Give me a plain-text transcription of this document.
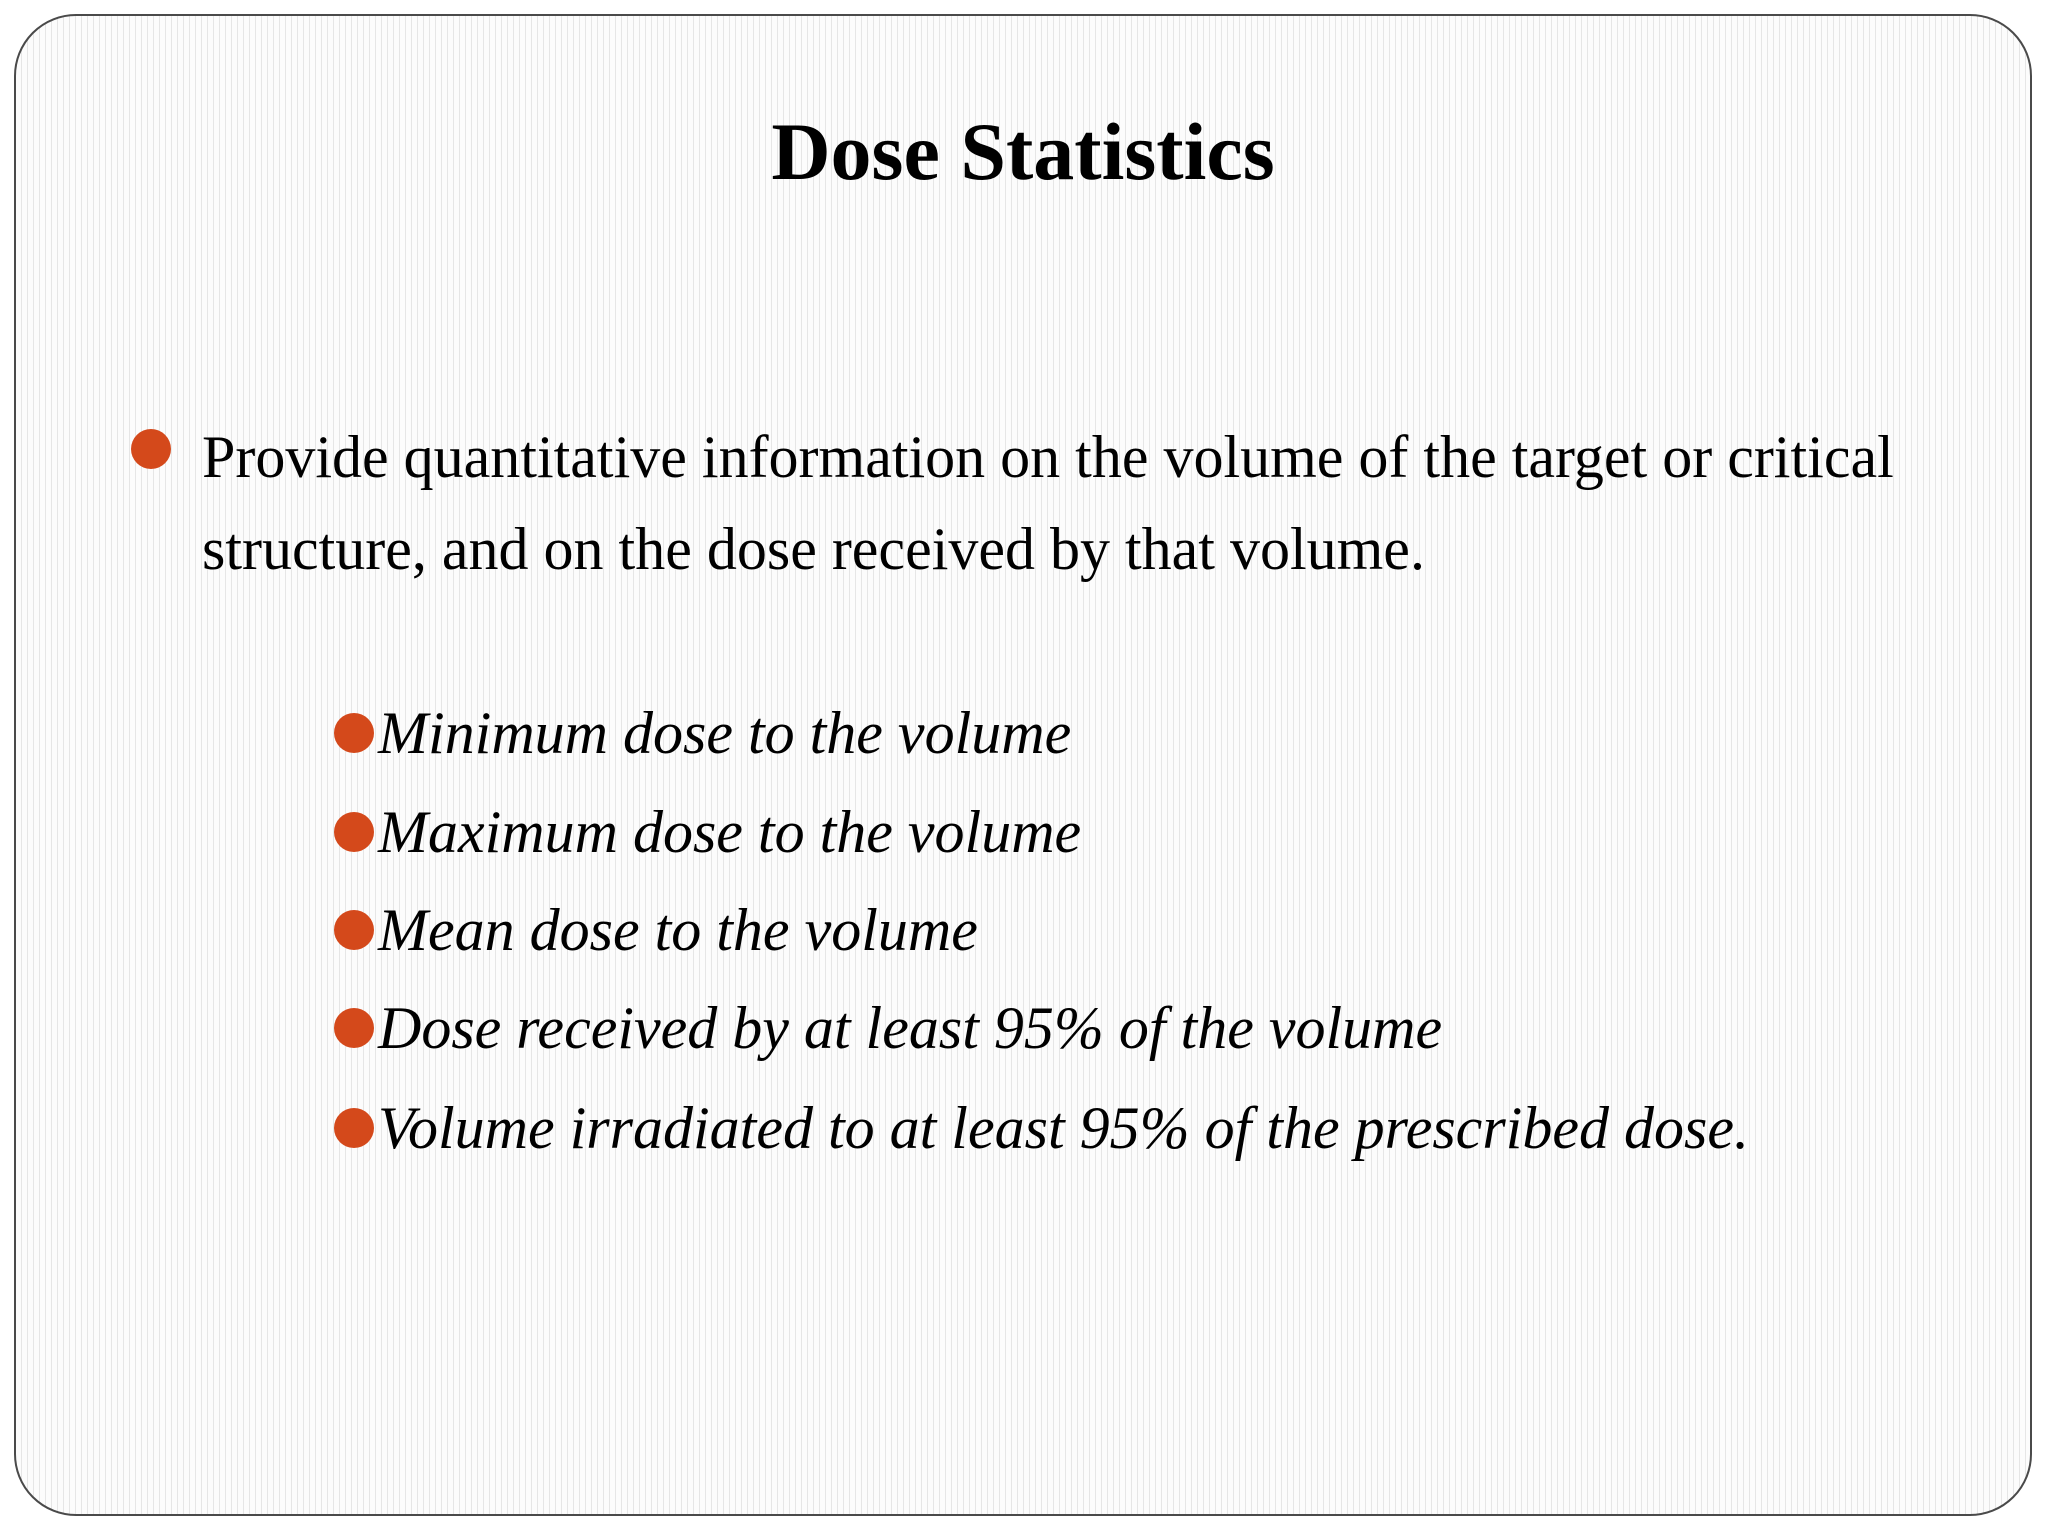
Dose Statistics
Provide quantitative information on the volume of the target or critical structure, and on the dose received by that volume.
Minimum dose to the volume
Maximum dose to the volume
Mean dose to the volume
Dose received by at least 95% of the volume
Volume irradiated to at least 95% of the prescribed dose.
